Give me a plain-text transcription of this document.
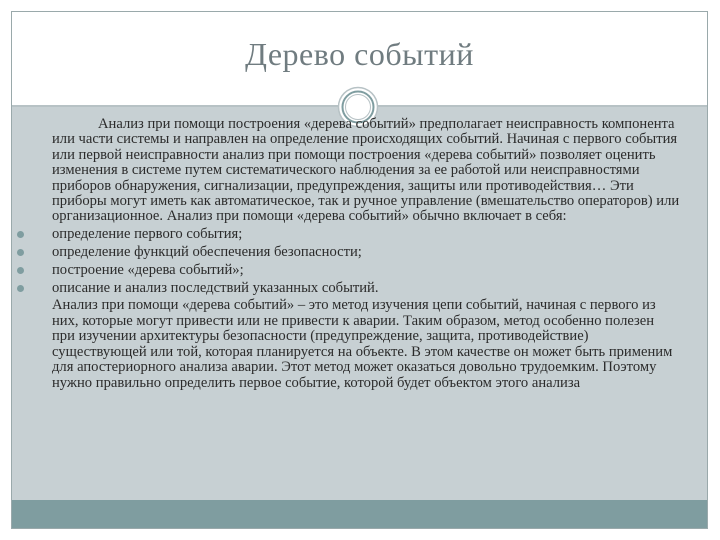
Дерево событий

Анализ при помощи построения «дерева событий» предполагает неисправность компонента или части системы и направлен на определение происходящих событий. Начиная с первого события или первой неисправности анализ при помощи построения «дерева событий» позволяет оценить изменения в системе путем систематического наблюдения за ее работой или неисправностями приборов обнаружения, сигнализации, предупреждения, защиты или противодействия… Эти приборы могут иметь как автоматическое, так и ручное управление (вмешательство операторов) или организационное. Анализ при помощи «дерева событий» обычно включает в себя:

определение первого события;
определение функций обеспечения безопасности;
построение «дерева событий»;
описание и анализ последствий указанных событий.

Анализ при помощи «дерева событий» – это метод изучения цепи событий, начиная с первого из них, которые могут привести или не привести к аварии. Таким образом, метод особенно полезен при изучении архитектуры безопасности (предупреждение, защита, противодействие) существующей или той, которая планируется на объекте. В этом качестве он может быть применим для апостериорного анализа аварии. Этот метод может оказаться довольно трудоемким. Поэтому нужно правильно определить первое событие, которой будет объектом этого анализа
